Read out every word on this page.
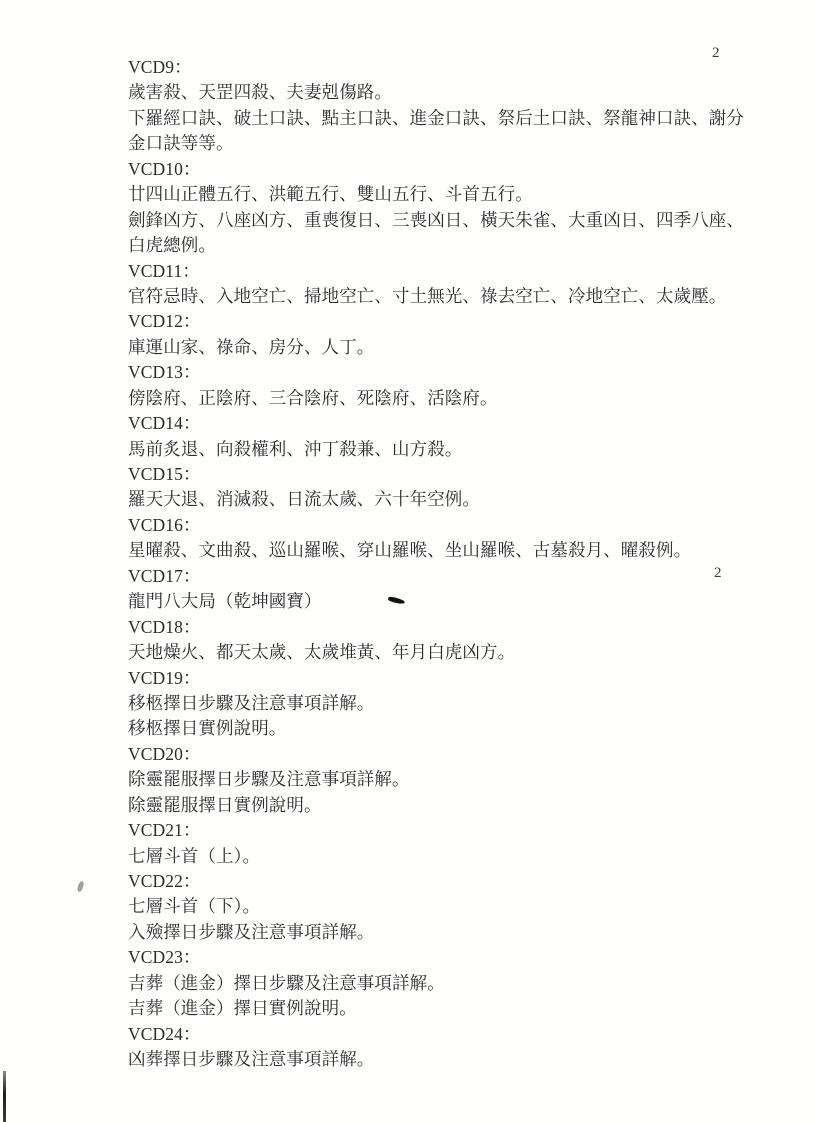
2
2
VCD9：
歲害殺、天罡四殺、夫妻剋傷路。
下羅經口訣、破土口訣、點主口訣、進金口訣、祭后土口訣、祭龍神口訣、謝分
金口訣等等。
VCD10：
廿四山正體五行、洪範五行、雙山五行、斗首五行。
劍鋒凶方、八座凶方、重喪復日、三喪凶日、橫天朱雀、大重凶日、四季八座、
白虎總例。
VCD11：
官符忌時、入地空亡、掃地空亡、寸土無光、祿去空亡、冷地空亡、太歲壓。
VCD12：
庫運山家、祿命、房分、人丁。
VCD13：
傍陰府、正陰府、三合陰府、死陰府、活陰府。
VCD14：
馬前炙退、向殺權利、沖丁殺兼、山方殺。
VCD15：
羅天大退、消滅殺、日流太歲、六十年空例。
VCD16：
星曜殺、文曲殺、巡山羅喉、穿山羅喉、坐山羅喉、古墓殺月、曜殺例。
VCD17：
龍門八大局（乾坤國寶）
VCD18：
天地燥火、都天太歲、太歲堆黃、年月白虎凶方。
VCD19：
移柩擇日步驟及注意事項詳解。
移柩擇日實例說明。
VCD20：
除靈罷服擇日步驟及注意事項詳解。
除靈罷服擇日實例說明。
VCD21：
七層斗首（上）。
VCD22：
七層斗首（下）。
入殮擇日步驟及注意事項詳解。
VCD23：
吉葬（進金）擇日步驟及注意事項詳解。
吉葬（進金）擇日實例說明。
VCD24：
凶葬擇日步驟及注意事項詳解。
